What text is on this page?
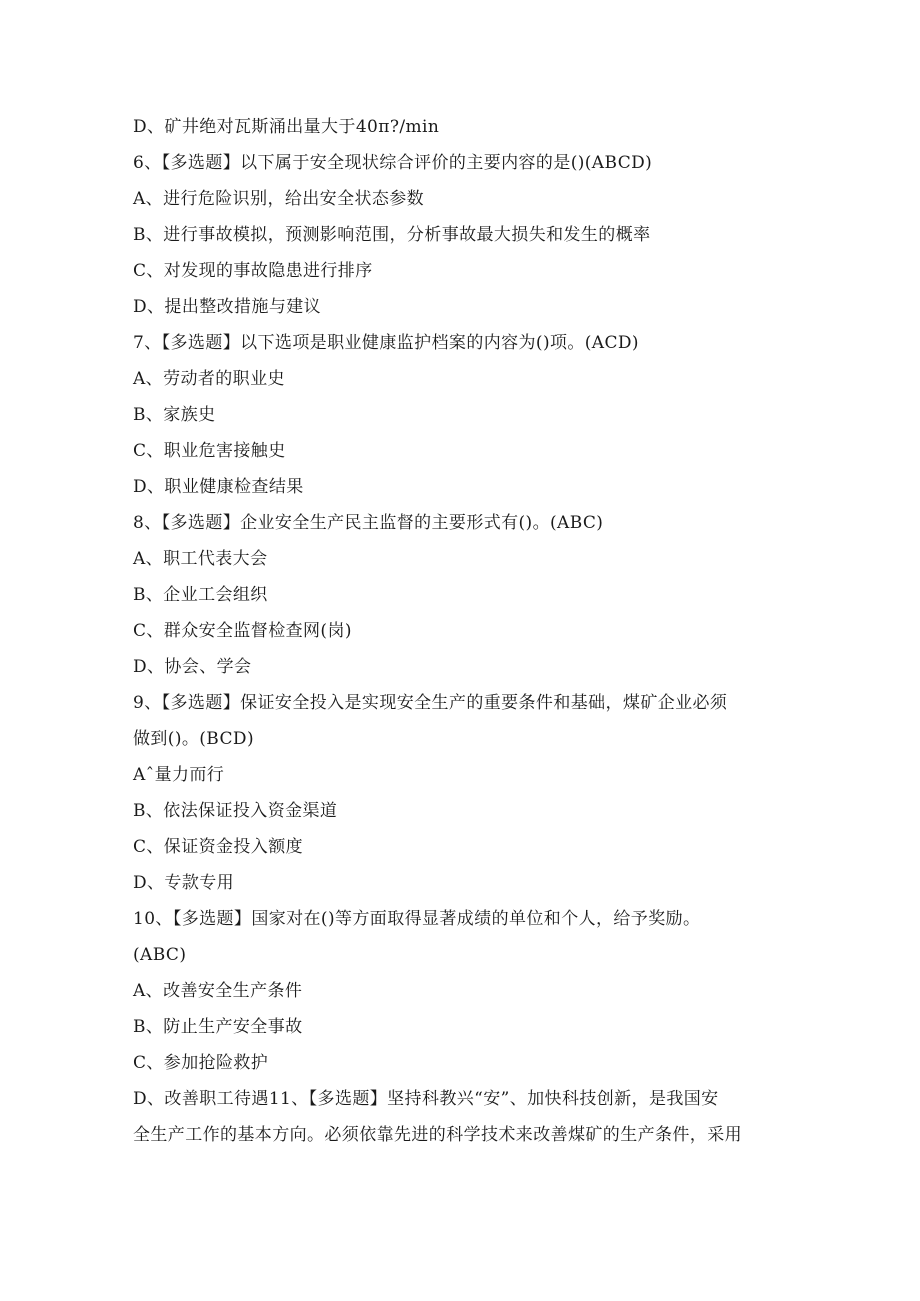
D、矿井绝对瓦斯涌出量大于40π?/min
6、【多选题】以下属于安全现状综合评价的主要内容的是()(ABCD)
A、进行危险识别，给出安全状态参数
B、进行事故模拟，预测影响范围，分析事故最大损失和发生的概率
C、对发现的事故隐患进行排序
D、提出整改措施与建议
7、【多选题】以下选项是职业健康监护档案的内容为()项。(ACD)
A、劳动者的职业史
B、家族史
C、职业危害接触史
D、职业健康检查结果
8、【多选题】企业安全生产民主监督的主要形式有()。(ABC)
A、职工代表大会
B、企业工会组织
C、群众安全监督检查网(岗)
D、协会、学会
9、【多选题】保证安全投入是实现安全生产的重要条件和基础，煤矿企业必须
做到()。(BCD)
Aˆ量力而行
B、依法保证投入资金渠道
C、保证资金投入额度
D、专款专用
10、【多选题】国家对在()等方面取得显著成绩的单位和个人，给予奖励。
(ABC)
A、改善安全生产条件
B、防止生产安全事故
C、参加抢险救护
D、改善职工待遇11、【多选题】坚持科教兴“安”、加快科技创新，是我国安
全生产工作的基本方向。必须依靠先进的科学技术来改善煤矿的生产条件，采用
